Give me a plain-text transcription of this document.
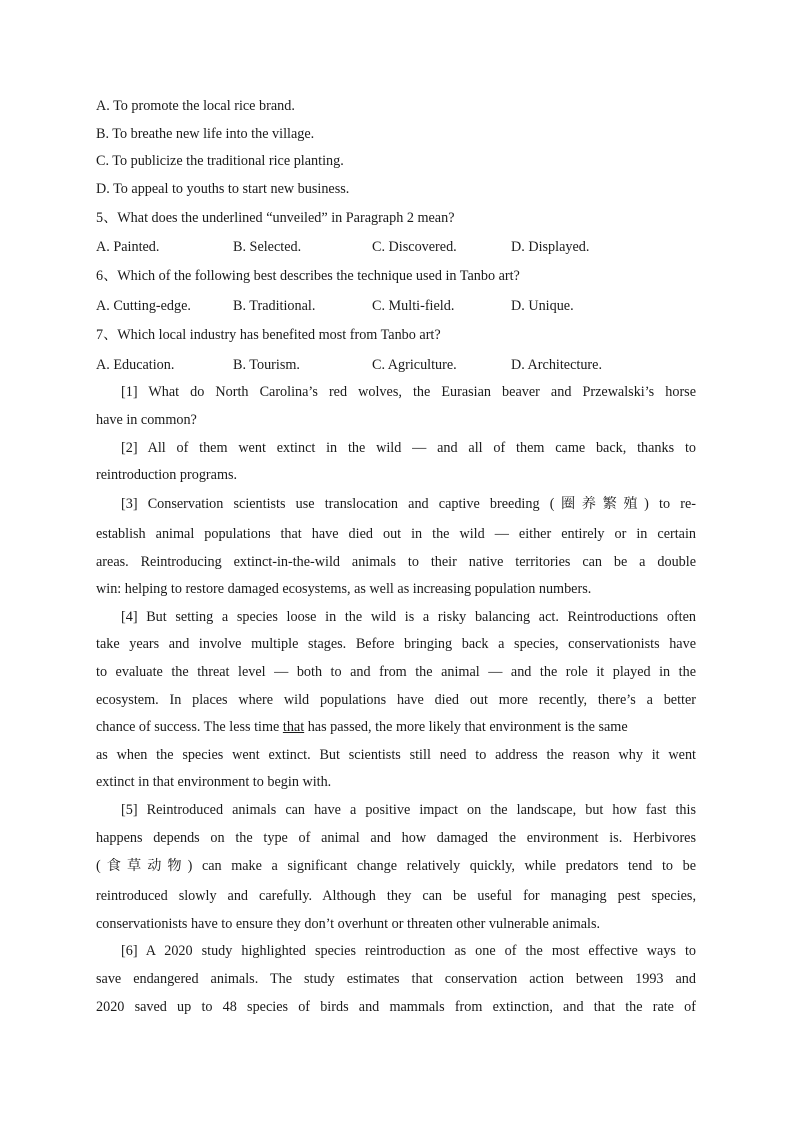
A. To promote the local rice brand.
B. To breathe new life into the village.
C. To publicize the traditional rice planting.
D. To appeal to youths to start new business.
5、What does the underlined “unveiled” in Paragraph 2 mean?
A. Painted.	B. Selected.	C. Discovered.	D. Displayed.
6、Which of the following best describes the technique used in Tanbo art?
A. Cutting-edge.	B. Traditional.	C. Multi-field.	D. Unique.
7、Which local industry has benefited most from Tanbo art?
A. Education.	B. Tourism.	C. Agriculture.	D. Architecture.
[1] What do North Carolina’s red wolves, the Eurasian beaver and Przewalski’s horse
have in common?
[2] All of them went extinct in the wild — and all of them came back, thanks to
reintroduction programs.
[3] Conservation scientists use translocation and captive breeding (圈养繁殖) to re-
establish animal populations that have died out in the wild — either entirely or in certain
areas. Reintroducing extinct-in-the-wild animals to their native territories can be a double
win: helping to restore damaged ecosystems, as well as increasing population numbers.
[4] But setting a species loose in the wild is a risky balancing act. Reintroductions often
take years and involve multiple stages. Before bringing back a species, conservationists have
to evaluate the threat level — both to and from the animal — and the role it played in the
ecosystem. In places where wild populations have died out more recently, there’s a better
chance of success. The less time that has passed, the more likely that environment is the same
as when the species went extinct. But scientists still need to address the reason why it went
extinct in that environment to begin with.
[5] Reintroduced animals can have a positive impact on the landscape, but how fast this
happens depends on the type of animal and how damaged the environment is. Herbivores
(食草动物) can make a significant change relatively quickly, while predators tend to be
reintroduced slowly and carefully. Although they can be useful for managing pest species,
conservationists have to ensure they don’t overhunt or threaten other vulnerable animals.
[6] A 2020 study highlighted species reintroduction as one of the most effective ways to
save endangered animals. The study estimates that conservation action between 1993 and
2020 saved up to 48 species of birds and mammals from extinction, and that the rate of
